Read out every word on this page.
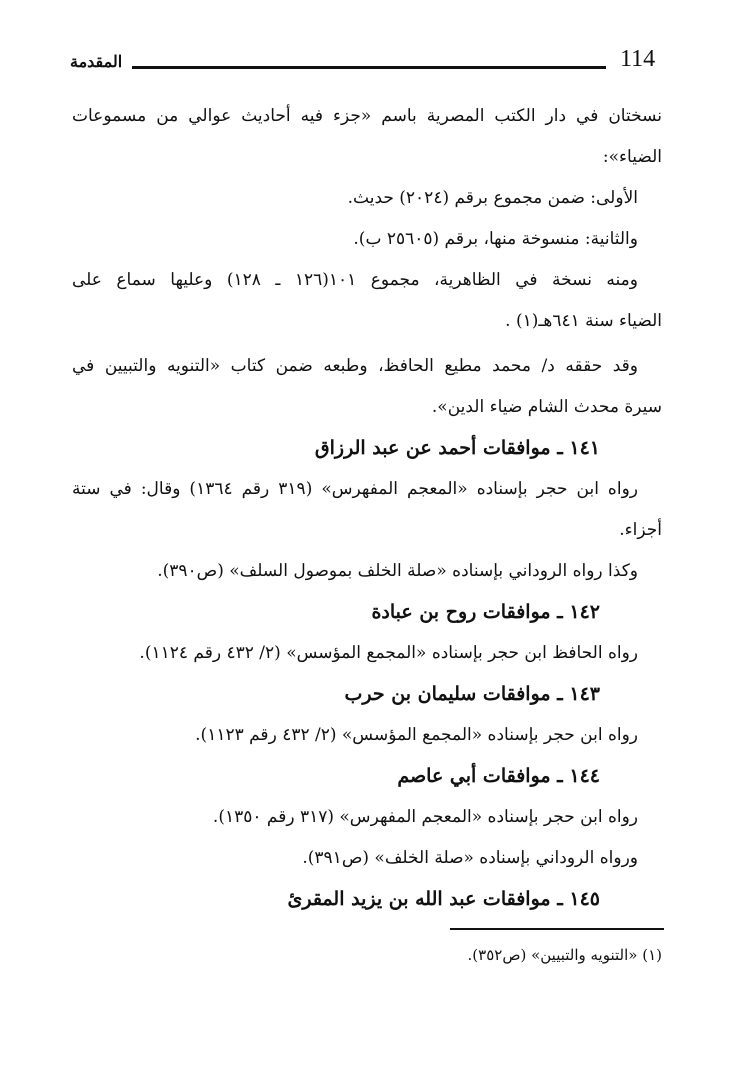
114
المقدمة
نسختان في دار الكتب المصرية باسم «جزء فيه أحاديث عوالي من مسموعات
الضياء»:
الأولى: ضمن مجموع برقم (٢٠٢٤) حديث.
والثانية: منسوخة منها، برقم (٢٥٦٠٥ ب).
ومنه نسخة في الظاهرية، مجموع ١٠١(١٢٦ ـ ١٢٨) وعليها سماع على
الضياء سنة ٦٤١هـ(١) .
وقد حققه د/ محمد مطيع الحافظ، وطبعه ضمن كتاب «التنويه والتبيين في
سيرة محدث الشام ضياء الدين».
١٤١ ـ موافقات أحمد عن عبد الرزاق
رواه ابن حجر بإسناده «المعجم المفهرس» (٣١٩ رقم ١٣٦٤) وقال: في ستة
أجزاء.
وكذا رواه الروداني بإسناده «صلة الخلف بموصول السلف» (ص٣٩٠).
١٤٢ ـ موافقات روح بن عبادة
رواه الحافظ ابن حجر بإسناده «المجمع المؤسس» (٢/ ٤٣٢ رقم ١١٢٤).
١٤٣ ـ موافقات سليمان بن حرب
رواه ابن حجر بإسناده «المجمع المؤسس» (٢/ ٤٣٢ رقم ١١٢٣).
١٤٤ ـ موافقات أبي عاصم
رواه ابن حجر بإسناده «المعجم المفهرس» (٣١٧ رقم ١٣٥٠).
ورواه الروداني بإسناده «صلة الخلف» (ص٣٩١).
١٤٥ ـ موافقات عبد الله بن يزيد المقرئ
(١) «التنويه والتبيين» (ص٣٥٢).
